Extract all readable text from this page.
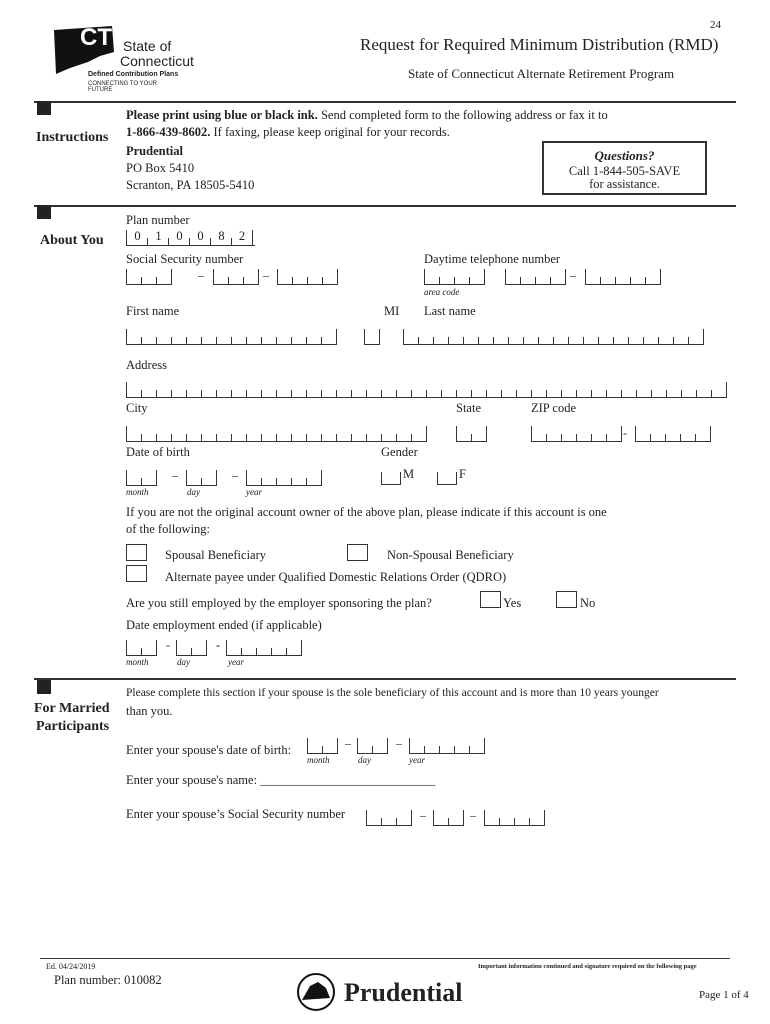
24
CT State of
Connecticut
Defined Contribution Plans
CONNECTING TO YOUR FUTURE
Request for Required Minimum Distribution (RMD)
State of Connecticut Alternate Retirement Program
Instructions
Please print using blue or black ink. Send completed form to the following address or fax it to
1-866-439-8602. If faxing, please keep original for your records.
Prudential
PO Box 5410
Scranton, PA 18505-5410
Questions?
Call 1-844-505-SAVE
for assistance.
About You
Plan number
0	1	0	0	8	2
Social Security number
–	–
Daytime telephone number
–
area code
First name	MI Last name
Address
City	State	ZIP code
-
Date of birth	Gender
–	–
month	day	year
M	F
If you are not the original account owner of the above plan, please indicate if this account is one
of the following:
Spousal Beneficiary	Non-Spousal Beneficiary
Alternate payee under Qualified Domestic Relations Order (QDRO)
Are you still employed by the employer sponsoring the plan?	Yes	No
Date employment ended (if applicable)
-	-
month	day	year
For Married
Participants
Please complete this section if your spouse is the sole beneficiary of this account and is more than 10 years younger
than you.
Enter your spouse's date of birth:	–	–
month	day	year
Enter your spouse's name: ____________________________
Enter your spouse’s Social Security number	–	–
Ed. 04/24/2019
Plan number: 010082
Important information continued and signature required on the following page
Prudential	Page 1 of 4
